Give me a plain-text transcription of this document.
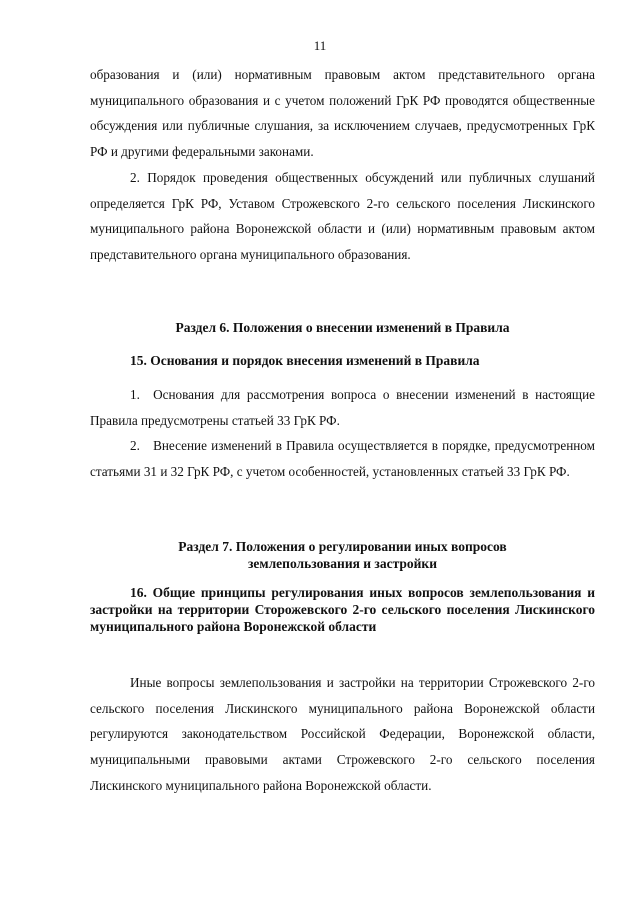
11

образования и (или) нормативным правовым актом представительного органа муниципального образования и с учетом положений ГрК РФ проводятся общественные обсуждения или публичные слушания, за исключением случаев, предусмотренных ГрК РФ и другими федеральными законами.

2. Порядок проведения общественных обсуждений или публичных слушаний определяется ГрК РФ, Уставом Строжевского 2-го сельского поселения Лискинского муниципального района Воронежской области и (или) нормативным правовым актом представительного органа муниципального образования.

Раздел 6. Положения о внесении изменений в Правила

15. Основания и порядок внесения изменений в Правила

1. Основания для рассмотрения вопроса о внесении изменений в настоящие Правила предусмотрены статьей 33 ГрК РФ.

2. Внесение изменений в Правила осуществляется в порядке, предусмотренном статьями 31 и 32 ГрК РФ, с учетом особенностей, установленных статьей 33 ГрК РФ.

Раздел 7. Положения о регулировании иных вопросов

землепользования и застройки

16. Общие принципы регулирования иных вопросов землепользования и застройки на территории Сторожевского 2-го сельского поселения Лискинского муниципального района Воронежской области

Иные вопросы землепользования и застройки на территории Строжевского 2-го сельского поселения Лискинского муниципального района Воронежской области регулируются законодательством Российской Федерации, Воронежской области, муниципальными правовыми актами Строжевского 2-го сельского поселения Лискинского муниципального района Воронежской области.
